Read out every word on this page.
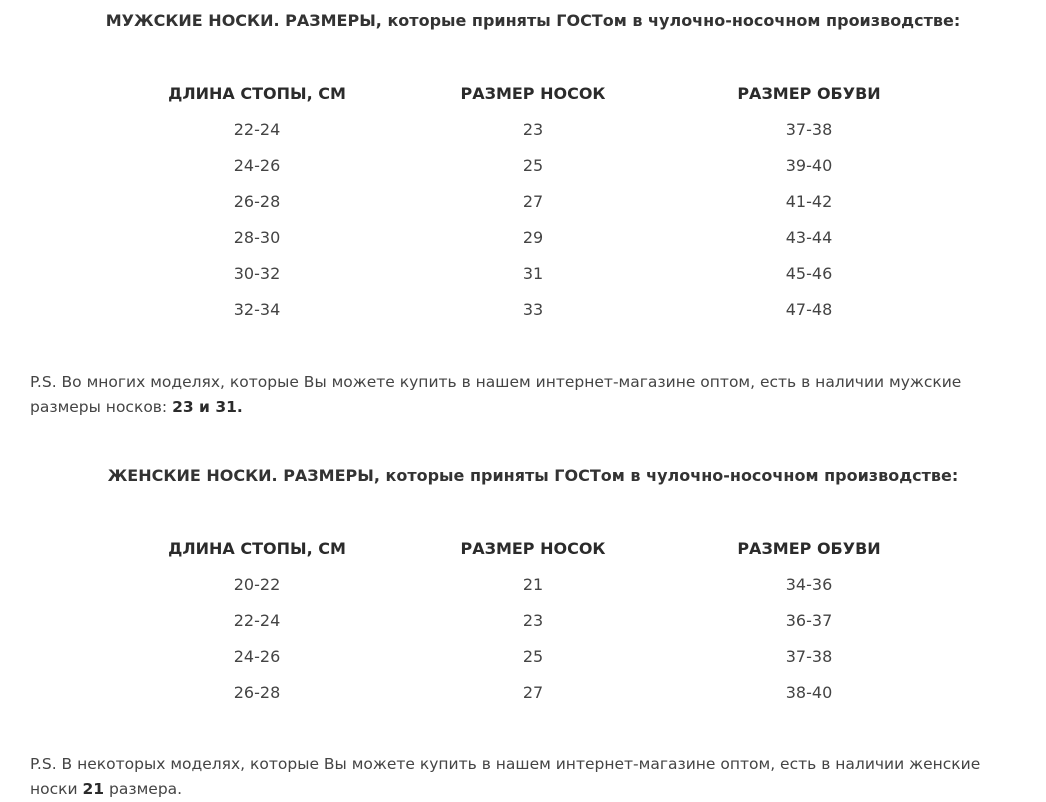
МУЖСКИЕ НОСКИ. РАЗМЕРЫ, которые приняты ГОСТом в чулочно-носочном производстве:

ДЛИНА СТОПЫ, СМ	РАЗМЕР НОСОК	РАЗМЕР ОБУВИ
22-24	23	37-38
24-26	25	39-40
26-28	27	41-42
28-30	29	43-44
30-32	31	45-46
32-34	33	47-48

P.S. Во многих моделях, которые Вы можете купить в нашем интернет-магазине оптом, есть в наличии мужские размеры носков: 23 и 31.

ЖЕНСКИЕ НОСКИ. РАЗМЕРЫ, которые приняты ГОСТом в чулочно-носочном производстве:

ДЛИНА СТОПЫ, СМ	РАЗМЕР НОСОК	РАЗМЕР ОБУВИ
20-22	21	34-36
22-24	23	36-37
24-26	25	37-38
26-28	27	38-40

P.S. В некоторых моделях, которые Вы можете купить в нашем интернет-магазине оптом, есть в наличии женские носки 21 размера.
